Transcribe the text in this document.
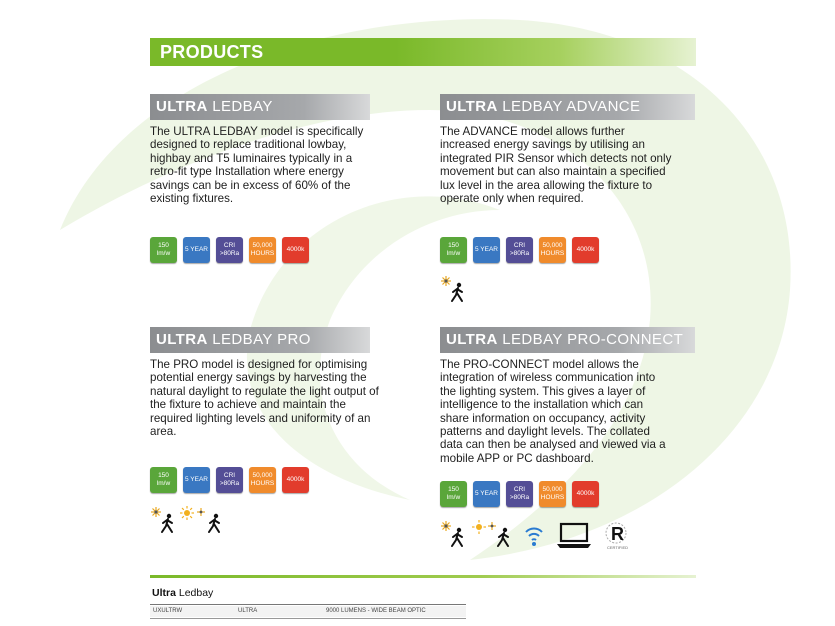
PRODUCTS
ULTRA LEDBAY
The ULTRA LEDBAY model is specifically designed to replace traditional lowbay, highbay and T5 luminaires typically in a retro-fit type Installation where energy savings can be in excess of 60% of the existing fixtures.
150 lm/w
5 YEAR
CRI >80Ra
50,000 HOURS
4000k
ULTRA LEDBAY ADVANCE
The ADVANCE model allows further increased energy savings by utilising an integrated PIR Sensor which detects not only movement but can also maintain a specified lux level in the area allowing the fixture to operate only when required.
150 lm/w
5 YEAR
CRI >80Ra
50,000 HOURS
4000k
ULTRA LEDBAY PRO
The PRO model is designed for optimising potential energy savings by harvesting the natural daylight to regulate the light output of the fixture to achieve and maintain the required lighting levels and uniformity of an area.
150 lm/w
5 YEAR
CRI >80Ra
50,000 HOURS
4000k
ULTRA LEDBAY PRO-CONNECT
The PRO-CONNECT model allows the integration of wireless communication into the lighting system. This gives a layer of intelligence to the installation which can share information on occupancy, activity patterns and daylight levels. The collated data can then be analysed and viewed via a mobile APP or PC dashboard.
150 lm/w
5 YEAR
CRI >80Ra
50,000 HOURS
4000k
R
CERTIFIED
Ultra Ledbay
UXULTRW	ULTRA	9000 LUMENS - WIDE BEAM OPTIC
